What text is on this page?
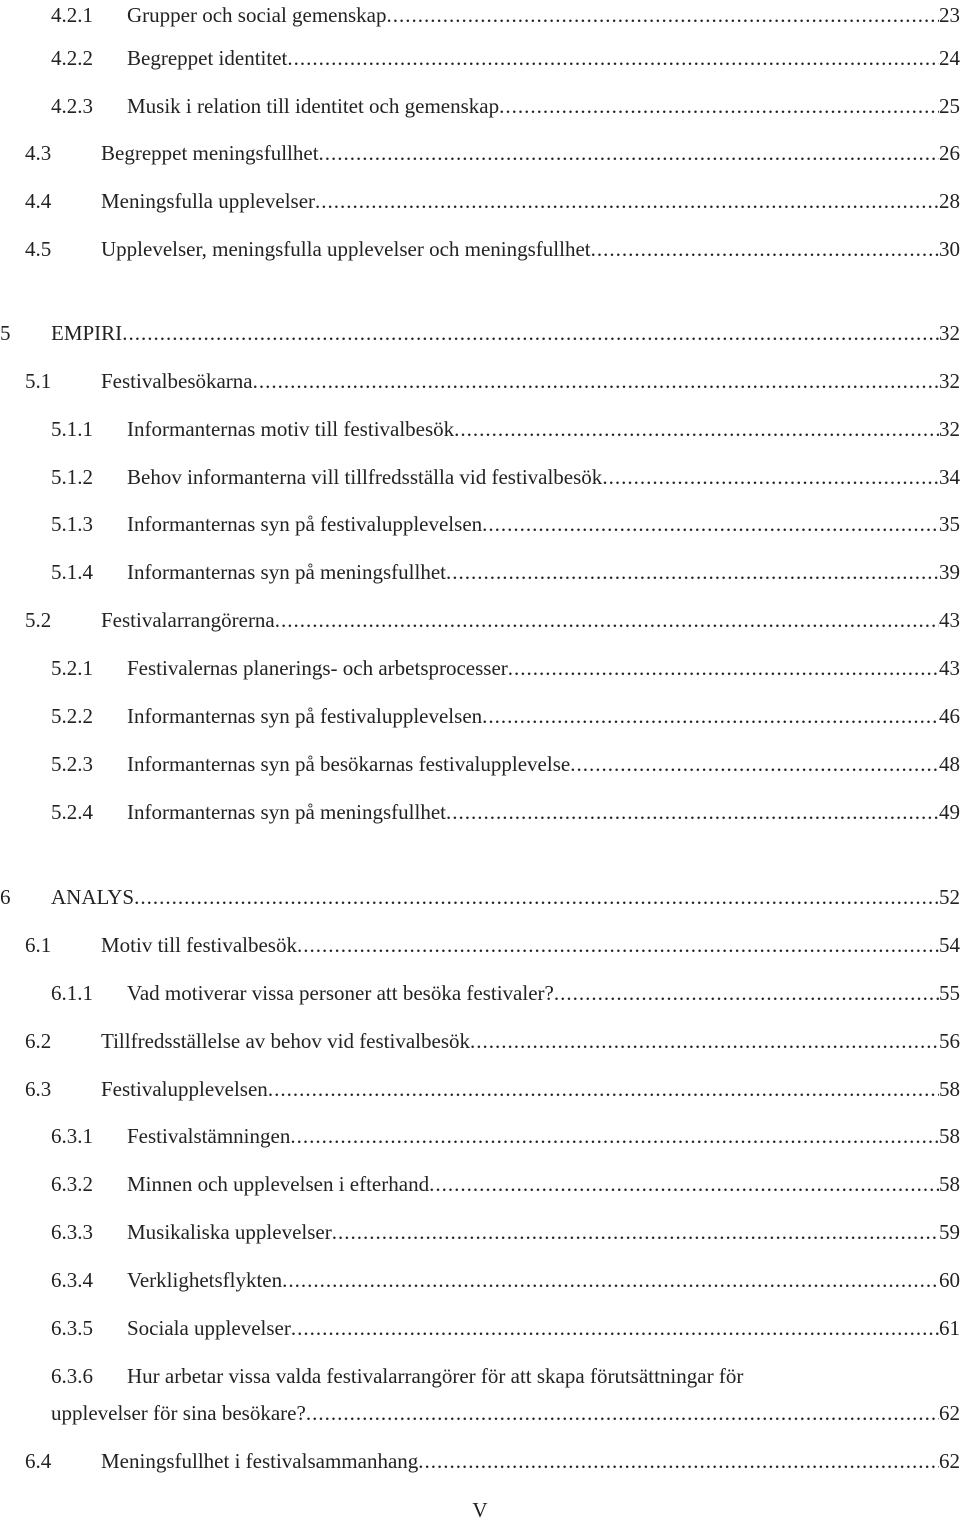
4.2.1 Grupper och social gemenskap .....	23
4.2.2 Begreppet identitet .....	24
4.2.3 Musik i relation till identitet och gemenskap .....	25
4.3 Begreppet meningsfullhet .....	26
4.4 Meningsfulla upplevelser .....	28
4.5 Upplevelser, meningsfulla upplevelser och meningsfullhet .....	30
5 EMPIRI .....	32
5.1 Festivalbesökarna .....	32
5.1.1 Informanternas motiv till festivalbesök .....	32
5.1.2 Behov informanterna vill tillfredsställa vid festivalbesök .....	34
5.1.3 Informanternas syn på festivalupplevelsen .....	35
5.1.4 Informanternas syn på meningsfullhet .....	39
5.2 Festivalarrangörerna .....	43
5.2.1 Festivalernas planerings- och arbetsprocesser .....	43
5.2.2 Informanternas syn på festivalupplevelsen .....	46
5.2.3 Informanternas syn på besökarnas festivalupplevelse .....	48
5.2.4 Informanternas syn på meningsfullhet .....	49
6 ANALYS .....	52
6.1 Motiv till festivalbesök .....	54
6.1.1 Vad motiverar vissa personer att besöka festivaler? .....	55
6.2 Tillfredsställelse av behov vid festivalbesök .....	56
6.3 Festivalupplevelsen .....	58
6.3.1 Festivalstämningen .....	58
6.3.2 Minnen och upplevelsen i efterhand .....	58
6.3.3 Musikaliska upplevelser .....	59
6.3.4 Verklighetsflykten .....	60
6.3.5 Sociala upplevelser .....	61
6.3.6 Hur arbetar vissa valda festivalarrangörer för att skapa förutsättningar för
upplevelser för sina besökare? .....	62
6.4 Meningsfullhet i festivalsammanhang .....	62
V
